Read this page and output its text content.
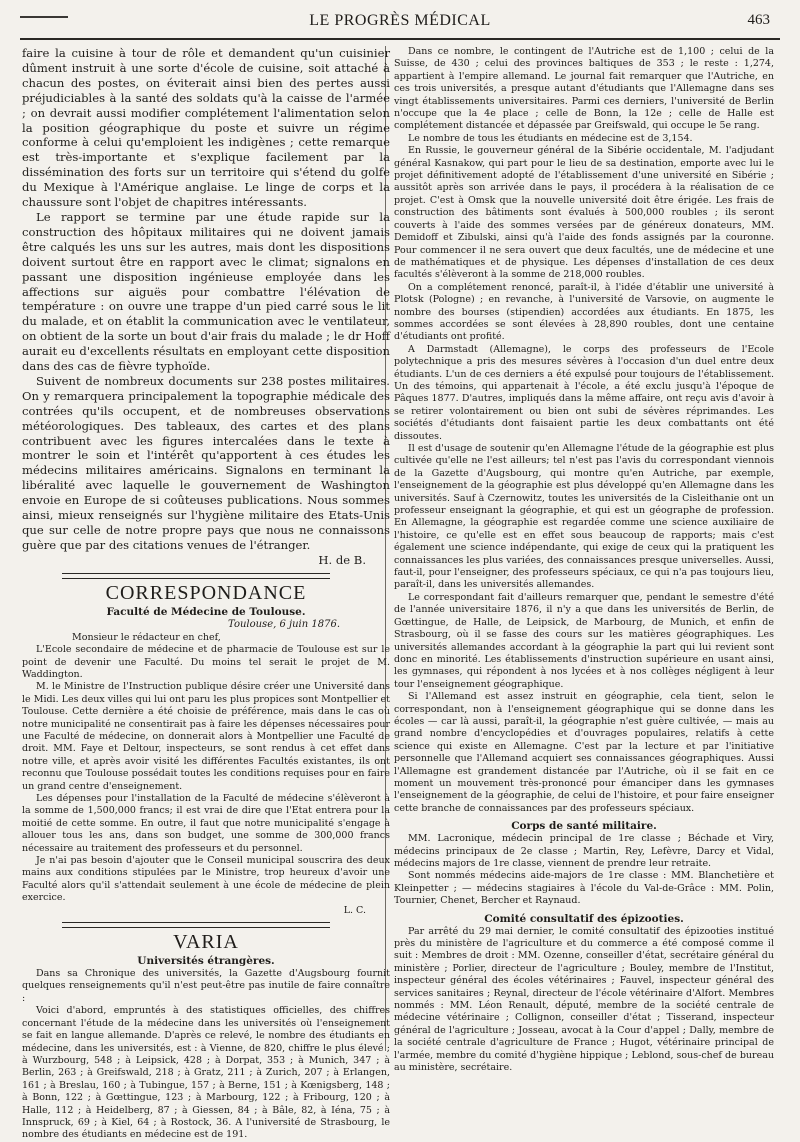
LE PROGRÈS MÉDICAL	463

faire la cuisine à tour de rôle et demandent qu'un cuisinier dûment instruit à une sorte d'école de cuisine, soit attaché à chacun des postes, on éviterait ainsi bien des pertes aussi préjudiciables à la santé des soldats qu'à la caisse de l'armée ; on devrait aussi modifier complétement l'alimentation selon la position géographique du poste et suivre un régime conforme à celui qu'emploient les indigènes ; cette remarque est très-importante et s'explique facilement par la dissémination des forts sur un territoire qui s'étend du golfe du Mexique à l'Amérique anglaise. Le linge de corps et la chaussure sont l'objet de chapitres intéressants.

Le rapport se termine par une étude rapide sur la construction des hôpitaux militaires qui ne doivent jamais être calqués les uns sur les autres, mais dont les dispositions doivent surtout être en rapport avec le climat; signalons en passant une disposition ingénieuse employée dans les affections sur aiguës pour combattre l'élévation de température : on ouvre une trappe d'un pied carré sous le lit du malade, et on établit la communication avec le ventilateur, on obtient de la sorte un bout d'air frais du malade ; le dr Hoff aurait eu d'excellents résultats en employant cette disposition dans des cas de fièvre typhoïde.

Suivent de nombreux documents sur 238 postes militaires. On y remarquera principalement la topographie médicale des contrées qu'ils occupent, et de nombreuses observations météorologiques. Des tableaux, des cartes et des plans contribuent avec les figures intercalées dans le texte à montrer le soin et l'intérêt qu'apportent à ces études les médecins militaires américains. Signalons en terminant la libéralité avec laquelle le gouvernement de Washington envoie en Europe de si coûteuses publications. Nous sommes ainsi, mieux renseignés sur l'hygiène militaire des Etats-Unis que sur celle de notre propre pays que nous ne connaissons guère que par des citations venues de l'étranger.

H. de B.

CORRESPONDANCE
Faculté de Médecine de Toulouse.
Toulouse, 6 juin 1876.

Monsieur le rédacteur en chef,

L'Ecole secondaire de médecine et de pharmacie de Toulouse est sur le point de devenir une Faculté. Du moins tel serait le projet de M. Waddington.

M. le Ministre de l'Instruction publique désire créer une Université dans le Midi. Les deux villes qui lui ont paru les plus propices sont Montpellier et Toulouse. Cette dernière a été choisie de préférence, mais dans le cas où notre municipalité ne consentirait pas à faire les dépenses nécessaires pour une Faculté de médecine, on donnerait alors à Montpellier une Faculté de droit. MM. Faye et Deltour, inspecteurs, se sont rendus à cet effet dans notre ville, et après avoir visité les différentes Facultés existantes, ils ont reconnu que Toulouse possédait toutes les conditions requises pour en faire un grand centre d'enseignement.

Les dépenses pour l'installation de la Faculté de médecine s'élèveront à la somme de 1,500,000 francs; il est vrai de dire que l'Etat entrera pour la moitié de cette somme. En outre, il faut que notre municipalité s'engage à allouer tous les ans, dans son budget, une somme de 300,000 francs nécessaire au traitement des professeurs et du personnel.

Je n'ai pas besoin d'ajouter que le Conseil municipal souscrira des deux mains aux conditions stipulées par le Ministre, trop heureux d'avoir une Faculté alors qu'il s'attendait seulement à une école de médecine de plein exercice.

L. C.

VARIA
Universités étrangères.

Dans sa Chronique des universités, la Gazette d'Augsbourg fournit quelques renseignements qu'il n'est peut-être pas inutile de faire connaître :

Voici d'abord, empruntés à des statistiques officielles, des chiffres concernant l'étude de la médecine dans les universités où l'enseignement se fait en langue allemande. D'après ce relevé, le nombre des étudiants en médecine, dans les universités, est : à Vienne, de 820, chiffre le plus élevé ; à Wurzbourg, 548 ; à Leipsick, 428 ; à Dorpat, 353 ; à Munich, 347 ; à Berlin, 263 ; à Greifswald, 218 ; à Gratz, 211 ; à Zurich, 207 ; à Erlangen, 161 ; à Breslau, 160 ; à Tubingue, 157 ; à Berne, 151 ; à Kœnigsberg, 148 ; à Bonn, 122 ; à Gœttingue, 123 ; à Marbourg, 122 ; à Fribourg, 120 ; à Halle, 112 ; à Heidelberg, 87 ; à Giessen, 84 ; à Bâle, 82, à Iéna, 75 ; à Innspruck, 69 ; à Kiel, 64 ; à Rostock, 36. A l'université de Strasbourg, le nombre des étudiants en médecine est de 191.

Dans ce nombre, le contingent de l'Autriche est de 1,100 ; celui de la Suisse, de 430 ; celui des provinces baltiques de 353 ; le reste : 1,274, appartient à l'empire allemand. Le journal fait remarquer que l'Autriche, en ces trois universités, a presque autant d'étudiants que l'Allemagne dans ses vingt établissements universitaires. Parmi ces derniers, l'université de Berlin n'occupe que la 4e place ; celle de Bonn, la 12e ; celle de Halle est complétement distancée et dépassée par Greifswald, qui occupe le 5e rang.

Le nombre de tous les étudiants en médecine est de 3,154.

En Russie, le gouverneur général de la Sibérie occidentale, M. l'adjudant général Kasnakow, qui part pour le lieu de sa destination, emporte avec lui le projet définitivement adopté de l'établissement d'une université en Sibérie ; aussitôt après son arrivée dans le pays, il procédera à la réalisation de ce projet. C'est à Omsk que la nouvelle université doit être érigée. Les frais de construction des bâtiments sont évalués à 500,000 roubles ; ils seront couverts à l'aide des sommes versées par de généreux donateurs, MM. Demidoff et Zibulski, ainsi qu'à l'aide des fonds assignés par la couronne. Pour commencer il ne sera ouvert que deux facultés, une de médecine et une de mathématiques et de physique. Les dépenses d'installation de ces deux facultés s'élèveront à la somme de 218,000 roubles.

On a complétement renoncé, paraît-il, à l'idée d'établir une université à Plotsk (Pologne) ; en revanche, à l'université de Varsovie, on augmente le nombre des bourses (stipendien) accordées aux étudiants. En 1875, les sommes accordées se sont élevées à 28,890 roubles, dont une centaine d'étudiants ont profité.

A Darmstadt (Allemagne), le corps des professeurs de l'Ecole polytechnique a pris des mesures sévères à l'occasion d'un duel entre deux étudiants. L'un de ces derniers a été expulsé pour toujours de l'établissement. Un des témoins, qui appartenait à l'école, a été exclu jusqu'à l'époque de Pâques 1877. D'autres, impliqués dans la même affaire, ont reçu avis d'avoir à se retirer volontairement ou bien ont subi de sévères réprimandes. Les sociétés d'étudiants dont faisaient partie les deux combattants ont été dissoutes.

Il est d'usage de soutenir qu'en Allemagne l'étude de la géographie est plus cultivée qu'elle ne l'est ailleurs; tel n'est pas l'avis du correspondant viennois de la Gazette d'Augsbourg, qui montre qu'en Autriche, par exemple, l'enseignement de la géographie est plus développé qu'en Allemagne dans les universités. Sauf à Czernowitz, toutes les universités de la Cisleithanie ont un professeur enseignant la géographie, et qui est un géographe de profession. En Allemagne, la géographie est regardée comme une science auxiliaire de l'histoire, ce qu'elle est en effet sous beaucoup de rapports; mais c'est également une science indépendante, qui exige de ceux qui la pratiquent les connaissances les plus variées, des connaissances presque universelles. Aussi, faut-il, pour l'enseigner, des professeurs spéciaux, ce qui n'a pas toujours lieu, paraît-il, dans les universités allemandes.

Le correspondant fait d'ailleurs remarquer que, pendant le semestre d'été de l'année universitaire 1876, il n'y a que dans les universités de Berlin, de Gœttingue, de Halle, de Leipsick, de Marbourg, de Munich, et enfin de Strasbourg, où il se fasse des cours sur les matières géographiques. Les universités allemandes accordant à la géographie la part qui lui revient sont donc en minorité. Les établissements d'instruction supérieure en usant ainsi, les gymnases, qui répondent à nos lycées et à nos collèges négligent à leur tour l'enseignement géographique.

Si l'Allemand est assez instruit en géographie, cela tient, selon le correspondant, non à l'enseignement géographique qui se donne dans les écoles — car là aussi, paraît-il, la géographie n'est guère cultivée, — mais au grand nombre d'encyclopédies et d'ouvrages populaires, relatifs à cette science qui existe en Allemagne. C'est par la lecture et par l'initiative personnelle que l'Allemand acquiert ses connaissances géographiques. Aussi l'Allemagne est grandement distancée par l'Autriche, où il se fait en ce moment un mouvement très-prononcé pour émanciper dans les gymnases l'enseignement de la géographie, de celui de l'histoire, et pour faire enseigner cette branche de connaissances par des professeurs spéciaux.

Corps de santé militaire.

MM. Lacronique, médecin principal de 1re classe ; Béchade et Viry, médecins principaux de 2e classe ; Martin, Rey, Lefèvre, Darcy et Vidal, médecins majors de 1re classe, viennent de prendre leur retraite.

Sont nommés médecins aide-majors de 1re classe : MM. Blanchetière et Kleinpetter ; — médecins stagiaires à l'école du Val-de-Grâce : MM. Polin, Tournier, Chenet, Bercher et Raynaud.

Comité consultatif des épizooties.

Par arrêté du 29 mai dernier, le comité consultatif des épizooties institué près du ministère de l'agriculture et du commerce a été composé comme il suit : Membres de droit : MM. Ozenne, conseiller d'état, secrétaire général du ministère ; Porlier, directeur de l'agriculture ; Bouley, membre de l'Institut, inspecteur général des écoles vétérinaires ; Fauvel, inspecteur général des services sanitaires ; Reynal, directeur de l'école vétérinaire d'Alfort. Membres nommés : MM. Léon Renault, député, membre de la société centrale de médecine vétérinaire ; Collignon, conseiller d'état ; Tisserand, inspecteur général de l'agriculture ; Josseau, avocat à la Cour d'appel ; Dally, membre de la société centrale d'agriculture de France ; Hugot, vétérinaire principal de l'armée, membre du comité d'hygiène hippique ; Leblond, sous-chef de bureau au ministère, secrétaire.
